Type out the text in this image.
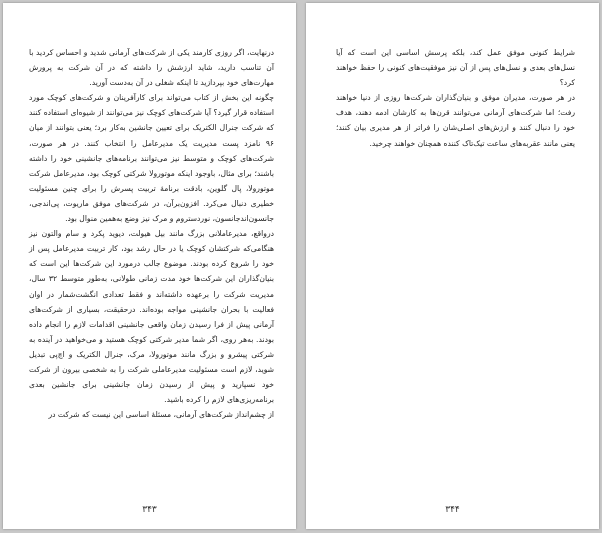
درنهایت، اگر روزی کارمند یکی از شرکت‌های آرمانی شدید و احساس کردید با آن تناسب دارید، شاید ارزشش را داشته که در آن شرکت به پرورش مهارت‌های خود بپردازید تا اینکه شغلی در آن به‌دست آورید.

چگونه این بخش از کتاب می‌تواند برای کارآفرینان و شرکت‌های کوچک مورد استفاده قرار گیرد؟ آیا شرکت‌های کوچک نیز می‌توانند از شیوه‌ای استفاده کنند که شرکت جنرال الکتریک برای تعیین جانشین به‌کار برد؛ یعنی بتوانند از میان ۹۶ نامزد پست مدیریت یک مدیرعامل را انتخاب کنند. در هر صورت، شرکت‌های کوچک و متوسط نیز می‌توانند برنامه‌های جانشینی خود را داشته باشند؛ برای مثال، باوجود اینکه موتورولا شرکتی کوچک بود، مدیرعامل شرکت موتورولا، پال گلوین، بادقت برنامهٔ تربیت پسرش را برای چنین مسئولیت خطیری دنبال می‌کرد. افزون‌برآن، در شرکت‌های موفق ماریوت، پی‌اندجی، جانسون‌اندجانسون، نوردستروم و مرک نیز وضع به‌همین منوال بود.

درواقع، مدیرعاملانی بزرگ مانند بیل هیولت، دیوید پکرد و سام والتون نیز هنگامی‌که شرکتشان کوچک یا در حال رشد بود، کار تربیت مدیرعامل پس از خود را شروع کرده بودند. موضوع جالب درمورد این شرکت‌ها این است که بنیان‌گذاران این شرکت‌ها خود مدت زمانی طولانی، به‌طور متوسط ۳۲ سال، مدیریت شرکت را برعهده داشته‌اند و فقط تعدادی انگشت‌شمار در اوان فعالیت با بحران جانشینی مواجه بوده‌اند. درحقیقت، بسیاری از شرکت‌های آرمانی پیش از فرا رسیدن زمان واقعی جانشینی اقدامات لازم را انجام داده بودند. به‌هر روی، اگر شما مدیر شرکتی کوچک هستید و می‌خواهید در آینده به شرکتی پیشرو و بزرگ مانند موتورولا، مرک، جنرال الکتریک و اچ‌پی تبدیل شوید، لازم است مسئولیت مدیرعاملی شرکت را به شخصی بیرون از شرکت خود نسپارید و پیش از رسیدن زمان جانشینی برای جانشین بعدی برنامه‌ریزی‌های لازم را کرده باشید.

از چشم‌انداز شرکت‌های آرمانی، مسئلهٔ اساسی این نیست که شرکت در

۳۴۳

شرایط کنونی موفق عمل کند، بلکه پرسش اساسی این است که آیا نسل‌های بعدی و نسل‌های پس از آن نیز موفقیت‌های کنونی را حفظ خواهند کرد؟

در هر صورت، مدیران موفق و بنیان‌گذاران شرکت‌ها روزی از دنیا خواهند رفت؛ اما شرکت‌های آرمانی می‌توانند قرن‌ها به کارشان ادمه دهند، هدف خود را دنبال کنند و ارزش‌های اصلی‌شان را فراتر از هر مدیری بیان کنند؛ یعنی مانند عقربه‌های ساعت تیک‌تاک کننده همچنان خواهند چرخید.

۳۴۴
